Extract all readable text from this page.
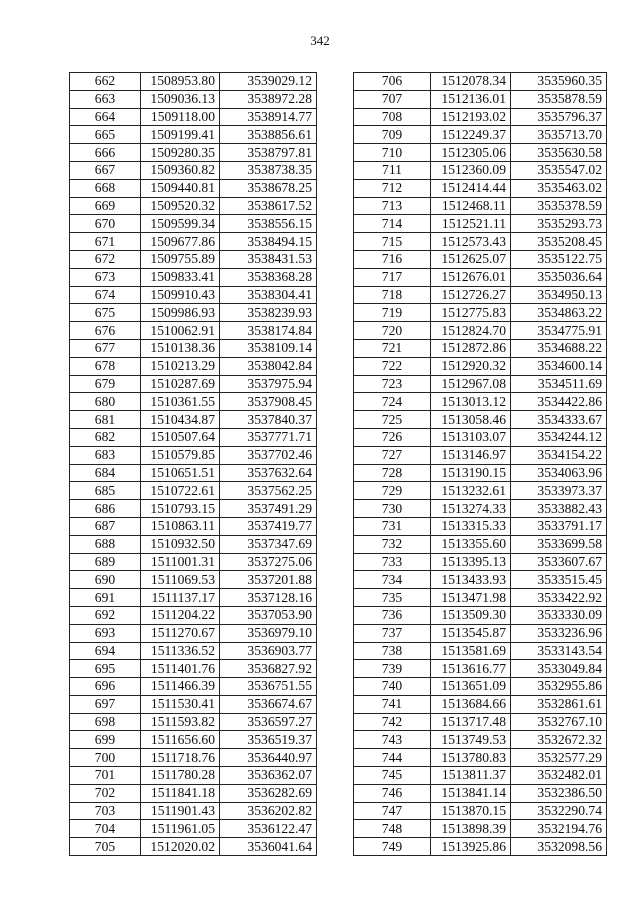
342
662	1508953.80	3539029.12
663	1509036.13	3538972.28
664	1509118.00	3538914.77
665	1509199.41	3538856.61
666	1509280.35	3538797.81
667	1509360.82	3538738.35
668	1509440.81	3538678.25
669	1509520.32	3538617.52
670	1509599.34	3538556.15
671	1509677.86	3538494.15
672	1509755.89	3538431.53
673	1509833.41	3538368.28
674	1509910.43	3538304.41
675	1509986.93	3538239.93
676	1510062.91	3538174.84
677	1510138.36	3538109.14
678	1510213.29	3538042.84
679	1510287.69	3537975.94
680	1510361.55	3537908.45
681	1510434.87	3537840.37
682	1510507.64	3537771.71
683	1510579.85	3537702.46
684	1510651.51	3537632.64
685	1510722.61	3537562.25
686	1510793.15	3537491.29
687	1510863.11	3537419.77
688	1510932.50	3537347.69
689	1511001.31	3537275.06
690	1511069.53	3537201.88
691	1511137.17	3537128.16
692	1511204.22	3537053.90
693	1511270.67	3536979.10
694	1511336.52	3536903.77
695	1511401.76	3536827.92
696	1511466.39	3536751.55
697	1511530.41	3536674.67
698	1511593.82	3536597.27
699	1511656.60	3536519.37
700	1511718.76	3536440.97
701	1511780.28	3536362.07
702	1511841.18	3536282.69
703	1511901.43	3536202.82
704	1511961.05	3536122.47
705	1512020.02	3536041.64
706	1512078.34	3535960.35
707	1512136.01	3535878.59
708	1512193.02	3535796.37
709	1512249.37	3535713.70
710	1512305.06	3535630.58
711	1512360.09	3535547.02
712	1512414.44	3535463.02
713	1512468.11	3535378.59
714	1512521.11	3535293.73
715	1512573.43	3535208.45
716	1512625.07	3535122.75
717	1512676.01	3535036.64
718	1512726.27	3534950.13
719	1512775.83	3534863.22
720	1512824.70	3534775.91
721	1512872.86	3534688.22
722	1512920.32	3534600.14
723	1512967.08	3534511.69
724	1513013.12	3534422.86
725	1513058.46	3534333.67
726	1513103.07	3534244.12
727	1513146.97	3534154.22
728	1513190.15	3534063.96
729	1513232.61	3533973.37
730	1513274.33	3533882.43
731	1513315.33	3533791.17
732	1513355.60	3533699.58
733	1513395.13	3533607.67
734	1513433.93	3533515.45
735	1513471.98	3533422.92
736	1513509.30	3533330.09
737	1513545.87	3533236.96
738	1513581.69	3533143.54
739	1513616.77	3533049.84
740	1513651.09	3532955.86
741	1513684.66	3532861.61
742	1513717.48	3532767.10
743	1513749.53	3532672.32
744	1513780.83	3532577.29
745	1513811.37	3532482.01
746	1513841.14	3532386.50
747	1513870.15	3532290.74
748	1513898.39	3532194.76
749	1513925.86	3532098.56
